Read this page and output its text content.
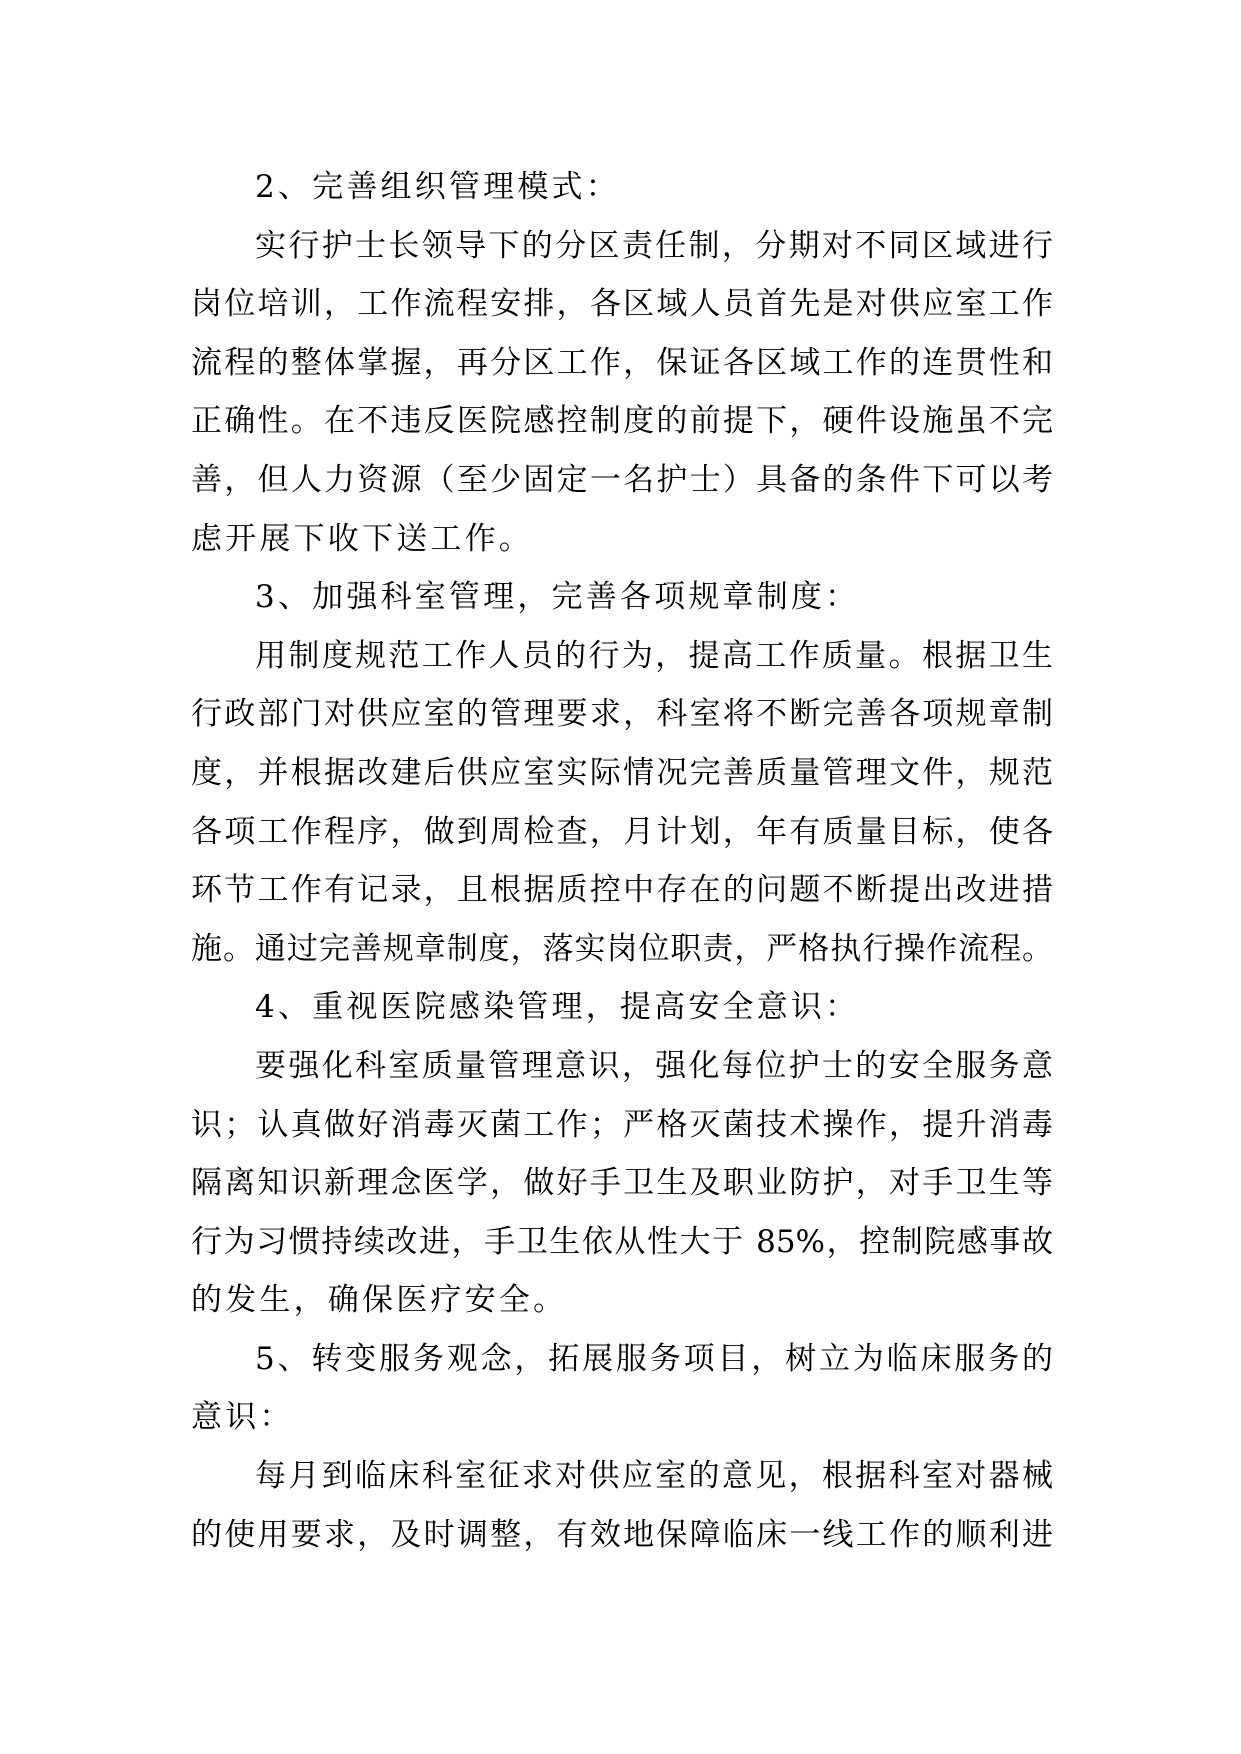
2、完善组织管理模式：
实行护士长领导下的分区责任制，分期对不同区域进行
岗位培训，工作流程安排，各区域人员首先是对供应室工作
流程的整体掌握，再分区工作，保证各区域工作的连贯性和
正确性。在不违反医院感控制度的前提下，硬件设施虽不完
善，但人力资源（至少固定一名护士）具备的条件下可以考
虑开展下收下送工作。
3、加强科室管理，完善各项规章制度：
用制度规范工作人员的行为，提高工作质量。根据卫生
行政部门对供应室的管理要求，科室将不断完善各项规章制
度，并根据改建后供应室实际情况完善质量管理文件，规范
各项工作程序，做到周检查，月计划，年有质量目标，使各
环节工作有记录，且根据质控中存在的问题不断提出改进措
施。通过完善规章制度，落实岗位职责，严格执行操作流程。
4、重视医院感染管理，提高安全意识：
要强化科室质量管理意识，强化每位护士的安全服务意
识；认真做好消毒灭菌工作；严格灭菌技术操作，提升消毒
隔离知识新理念医学，做好手卫生及职业防护，对手卫生等
行为习惯持续改进，手卫生依从性大于 85%，控制院感事故
的发生，确保医疗安全。
5、转变服务观念，拓展服务项目，树立为临床服务的
意识：
每月到临床科室征求对供应室的意见，根据科室对器械
的使用要求，及时调整，有效地保障临床一线工作的顺利进
